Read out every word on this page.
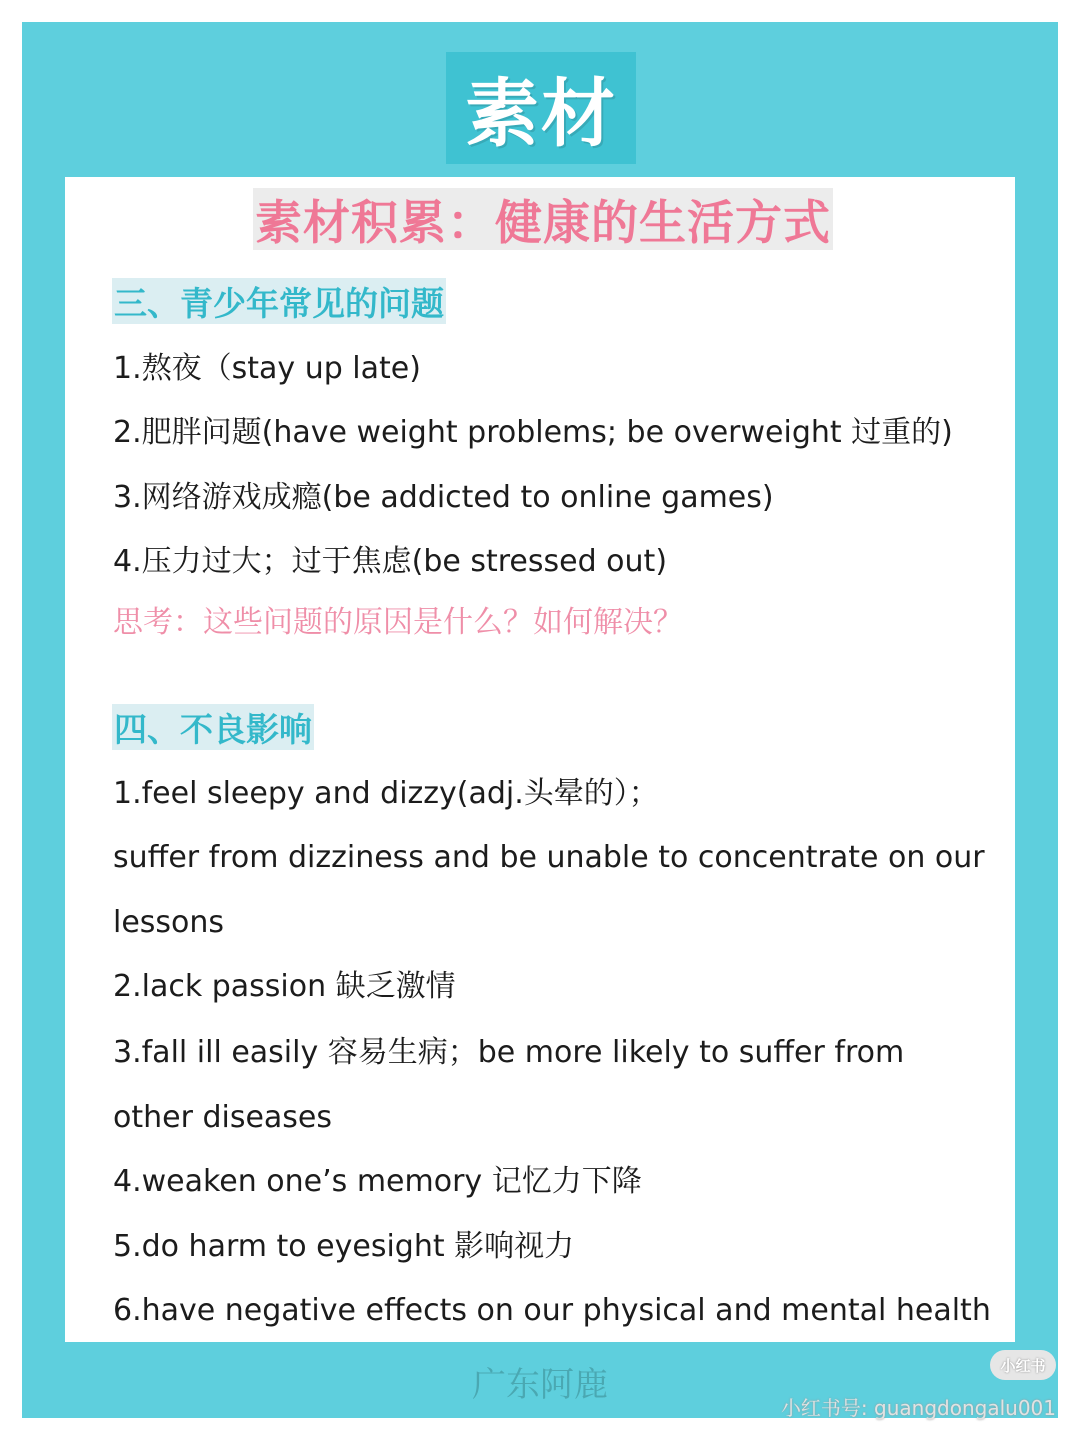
素材
素材积累：健康的生活方式
三、青少年常见的问题
1.熬夜（stay up late)
2.肥胖问题(have weight problems; be overweight 过重的)
3.网络游戏成瘾(be addicted to online games)
4.压力过大；过于焦虑(be stressed out)
思考：这些问题的原因是什么？如何解决？
四、不良影响
1.feel sleepy and dizzy(adj.头晕的）；
suffer from dizziness and be unable to concentrate on our
lessons
2.lack passion 缺乏激情
3.fall ill easily 容易生病；be more likely to suffer from
other diseases
4.weaken one’s memory 记忆力下降
5.do harm to eyesight 影响视力
6.have negative effects on our physical and mental health
广东阿鹿	小红书
小红书号: guangdongalu001
